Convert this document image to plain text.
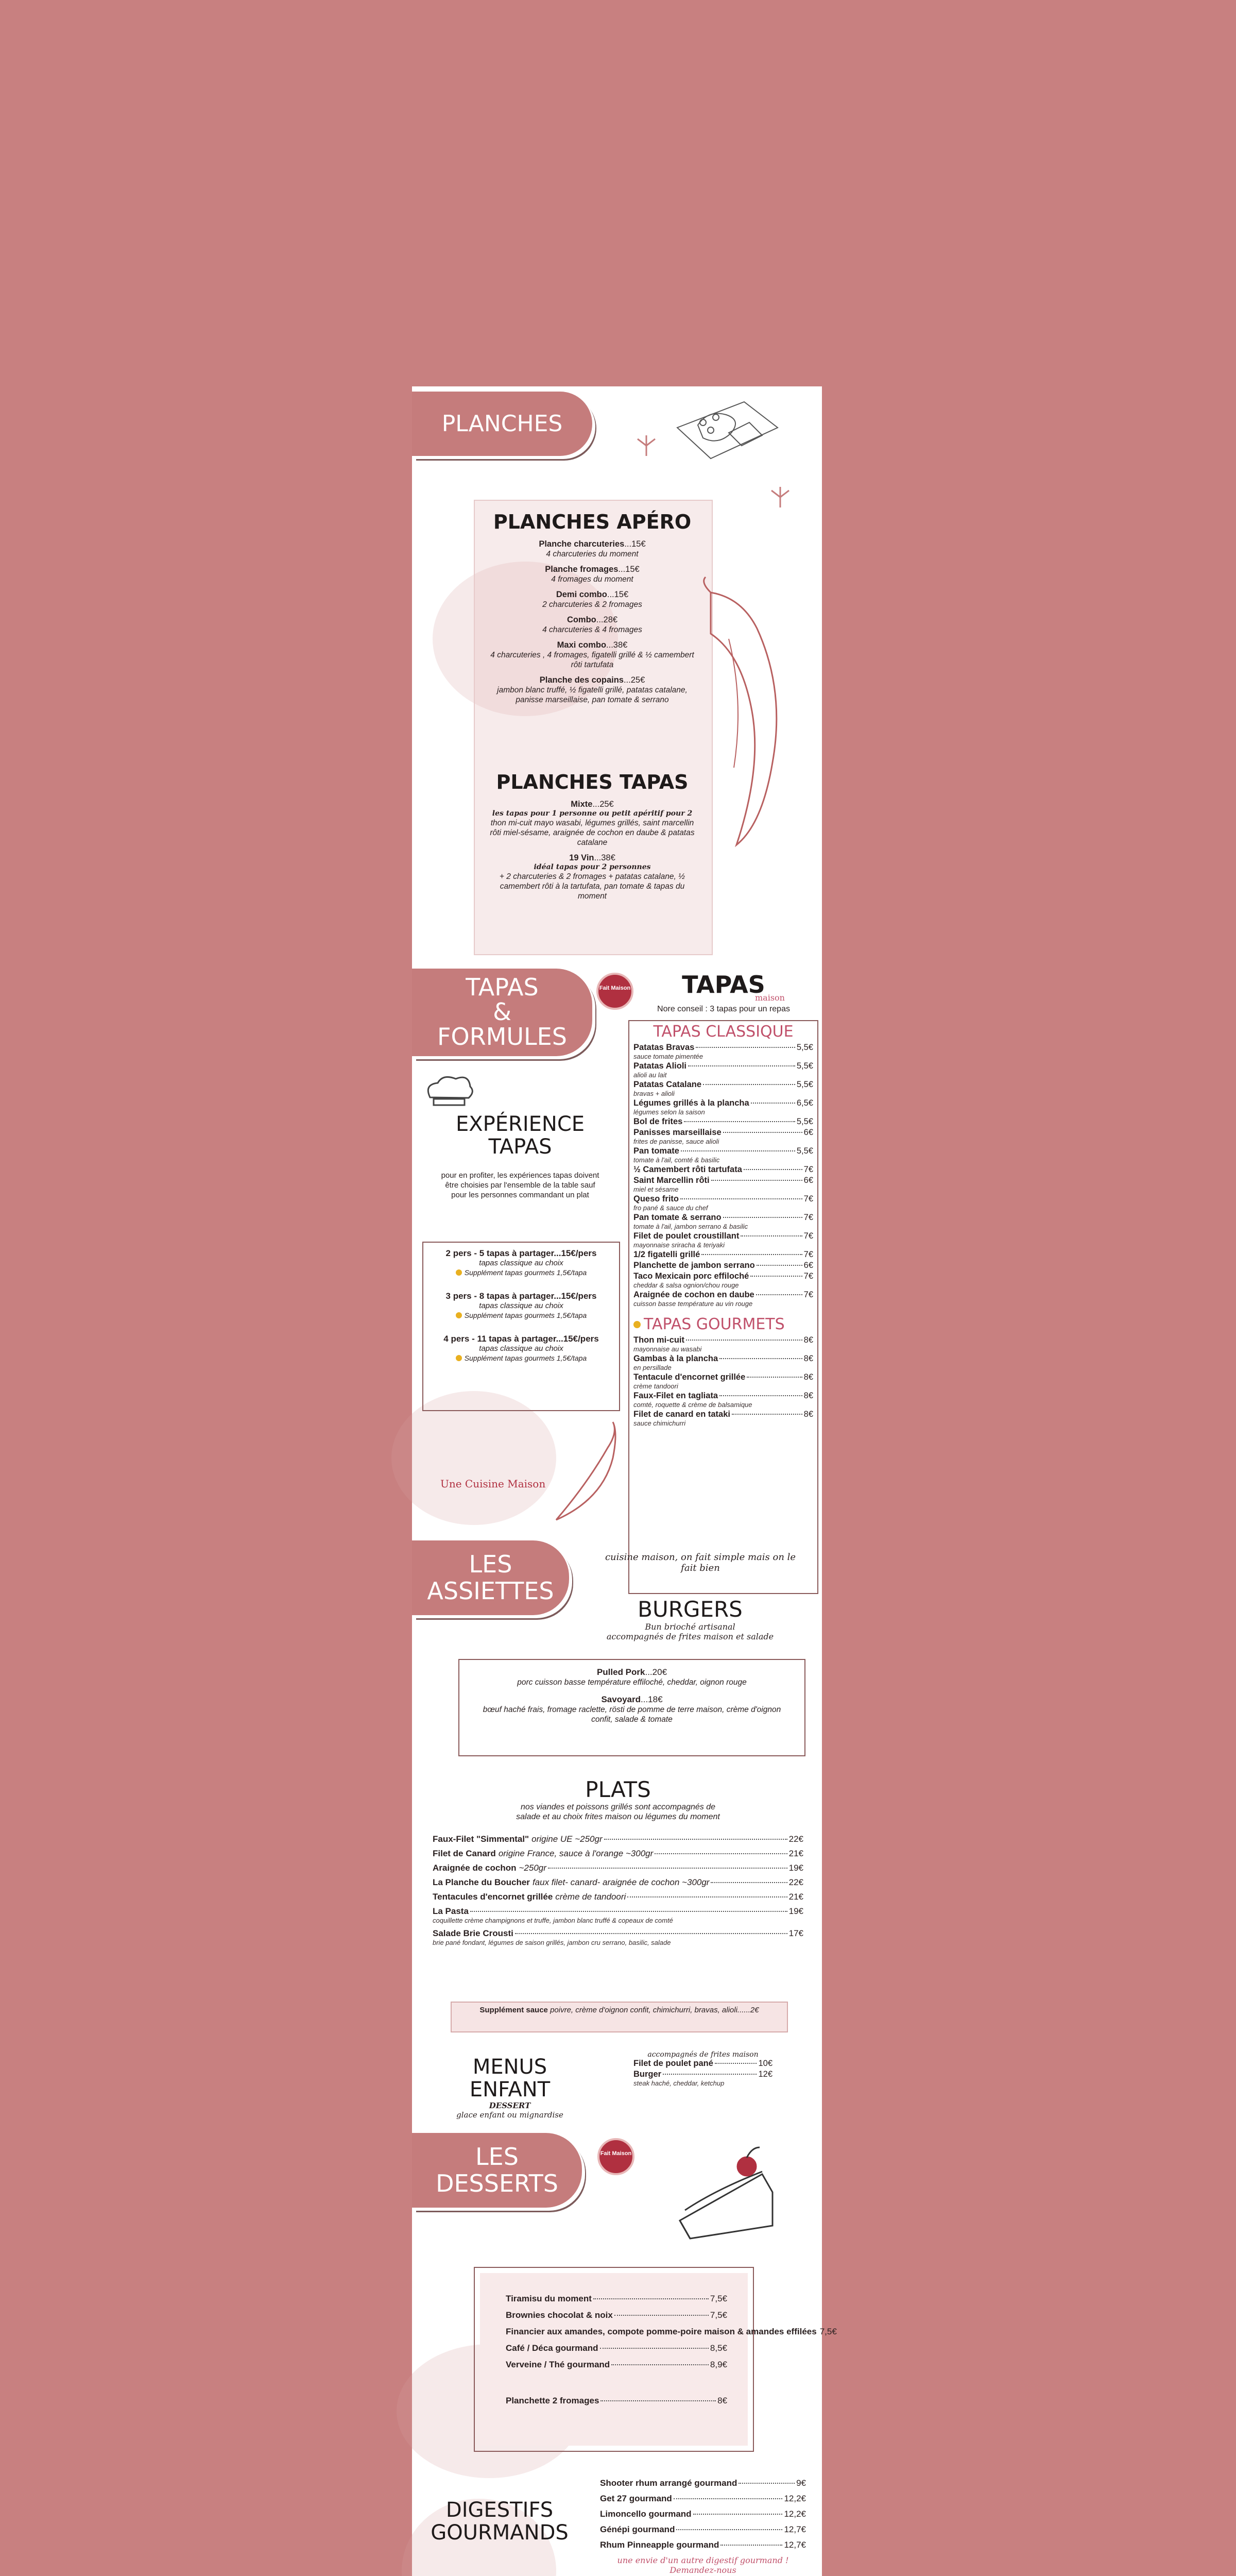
PLANCHES
PLANCHES APÉRO
Planche charcuteries...15€
4 charcuteries du moment
Planche fromages...15€
4 fromages du moment
Demi combo...15€
2 charcuteries & 2 fromages
Combo...28€
4 charcuteries & 4 fromages
Maxi combo...38€
4 charcuteries , 4 fromages, figatelli grillé & ½ camembert rôti tartufata
Planche des copains...25€
jambon blanc truffé, ½ figatelli grillé, patatas catalane, panisse marseillaise, pan tomate & serrano
PLANCHES TAPAS
Mixte...25€
les tapas pour 1 personne ou petit apéritif pour 2
thon mi-cuit mayo wasabi, légumes grillés, saint marcellin rôti miel-sésame, araignée de cochon en daube & patatas catalane
19 Vin...38€
idéal tapas pour 2 personnes
+ 2 charcuteries & 2 fromages + patatas catalane, ½ camembert rôti à la tartufata, pan tomate & tapas du moment
TAPAS
&
FORMULES
Fait Maison
EXPÉRIENCE
TAPAS
pour en profiter, les expériences tapas doivent être choisies par l'ensemble de la table sauf pour les personnes commandant un plat
2 pers - 5 tapas à partager...15€/pers
tapas classique au choix
Supplément tapas gourmets 1,5€/tapa
3 pers - 8 tapas à partager...15€/pers
tapas classique au choix
Supplément tapas gourmets 1,5€/tapa
4 pers - 11 tapas à partager...15€/pers
tapas classique au choix
Supplément tapas gourmets 1,5€/tapa
Une Cuisine Maison
TAPAS
maison
Nore conseil : 3 tapas pour un repas
TAPAS CLASSIQUE
Patatas Bravas	5,5€
sauce tomate pimentée
Patatas Alioli	5,5€
alioli au lait
Patatas Catalane	5,5€
bravas + alioli
Légumes grillés à la plancha	6,5€
légumes selon la saison
Bol de frites	5,5€
Panisses marseillaise	6€
frites de panisse, sauce alioli
Pan tomate	5,5€
tomate à l'ail, comté & basilic
½ Camembert rôti tartufata	7€
Saint Marcellin rôti	6€
miel et sésame
Queso frito	7€
fro pané & sauce du chef
Pan tomate & serrano	7€
tomate à l'ail, jambon serrano & basilic
Filet de poulet croustillant	7€
mayonnaise sriracha & teriyaki
1/2 figatelli grillé	7€
Planchette de jambon serrano	6€
Taco Mexicain porc effiloché	7€
cheddar & salsa ognion/chou rouge
Araignée de cochon en daube	7€
cuisson basse température au vin rouge
TAPAS GOURMETS
Thon mi-cuit	8€
mayonnaise au wasabi
Gambas à la plancha	8€
en persillade
Tentacule d'encornet grillée	8€
crème tandoori
Faux-Filet en tagliata	8€
comté, roquette & crème de balsamique
Filet de canard en tataki	8€
sauce chimichurri
cuisine maison, on fait simple mais on le fait bien
LES
ASSIETTES
BURGERS
Bun brioché artisanal
accompagnés de frites maison et salade
Pulled Pork...20€
porc cuisson basse température effiloché, cheddar, oignon rouge
Savoyard...18€
bœuf haché frais, fromage raclette, rösti de pomme de terre maison, crème d'oignon confit, salade & tomate
PLATS
nos viandes et poissons grillés sont accompagnés de salade et au choix frites maison ou légumes du moment
Faux-Filet "Simmental" origine UE ~250gr	22€
Filet de Canard origine France, sauce à l'orange ~300gr	21€
Araignée de cochon ~250gr	19€
La Planche du Boucher faux filet- canard- araignée de cochon ~300gr	22€
Tentacules d'encornet grillée crème de tandoori	21€
La Pasta	19€
coquillette crème champignons et truffe, jambon blanc truffé & copeaux de comté
Salade Brie Crousti	17€
brie pané fondant, légumes de saison grillés, jambon cru serrano, basilic, salade
Supplément sauce poivre, crème d'oignon confit, chimichurri, bravas, alioli......2€
MENUS ENFANT
DESSERT
glace enfant ou mignardise
accompagnés de frites maison
Filet de poulet pané	10€
Burger	12€
steak haché, cheddar, ketchup
LES
DESSERTS
Fait Maison
Tiramisu du moment	7,5€
Brownies chocolat & noix	7,5€
Financier aux amandes, compote pomme-poire maison & amandes effilées 7,5€
Café / Déca gourmand	8,5€
Verveine / Thé gourmand	8,9€
Planchette 2 fromages	8€
DIGESTIFS
GOURMANDS
Shooter rhum arrangé gourmand	9€
Get 27 gourmand	12,2€
Limoncello gourmand	12,2€
Génépi gourmand	12,7€
Rhum Pinneapple gourmand	12,7€
une envie d'un autre digestif gourmand !
Demandez-nous
